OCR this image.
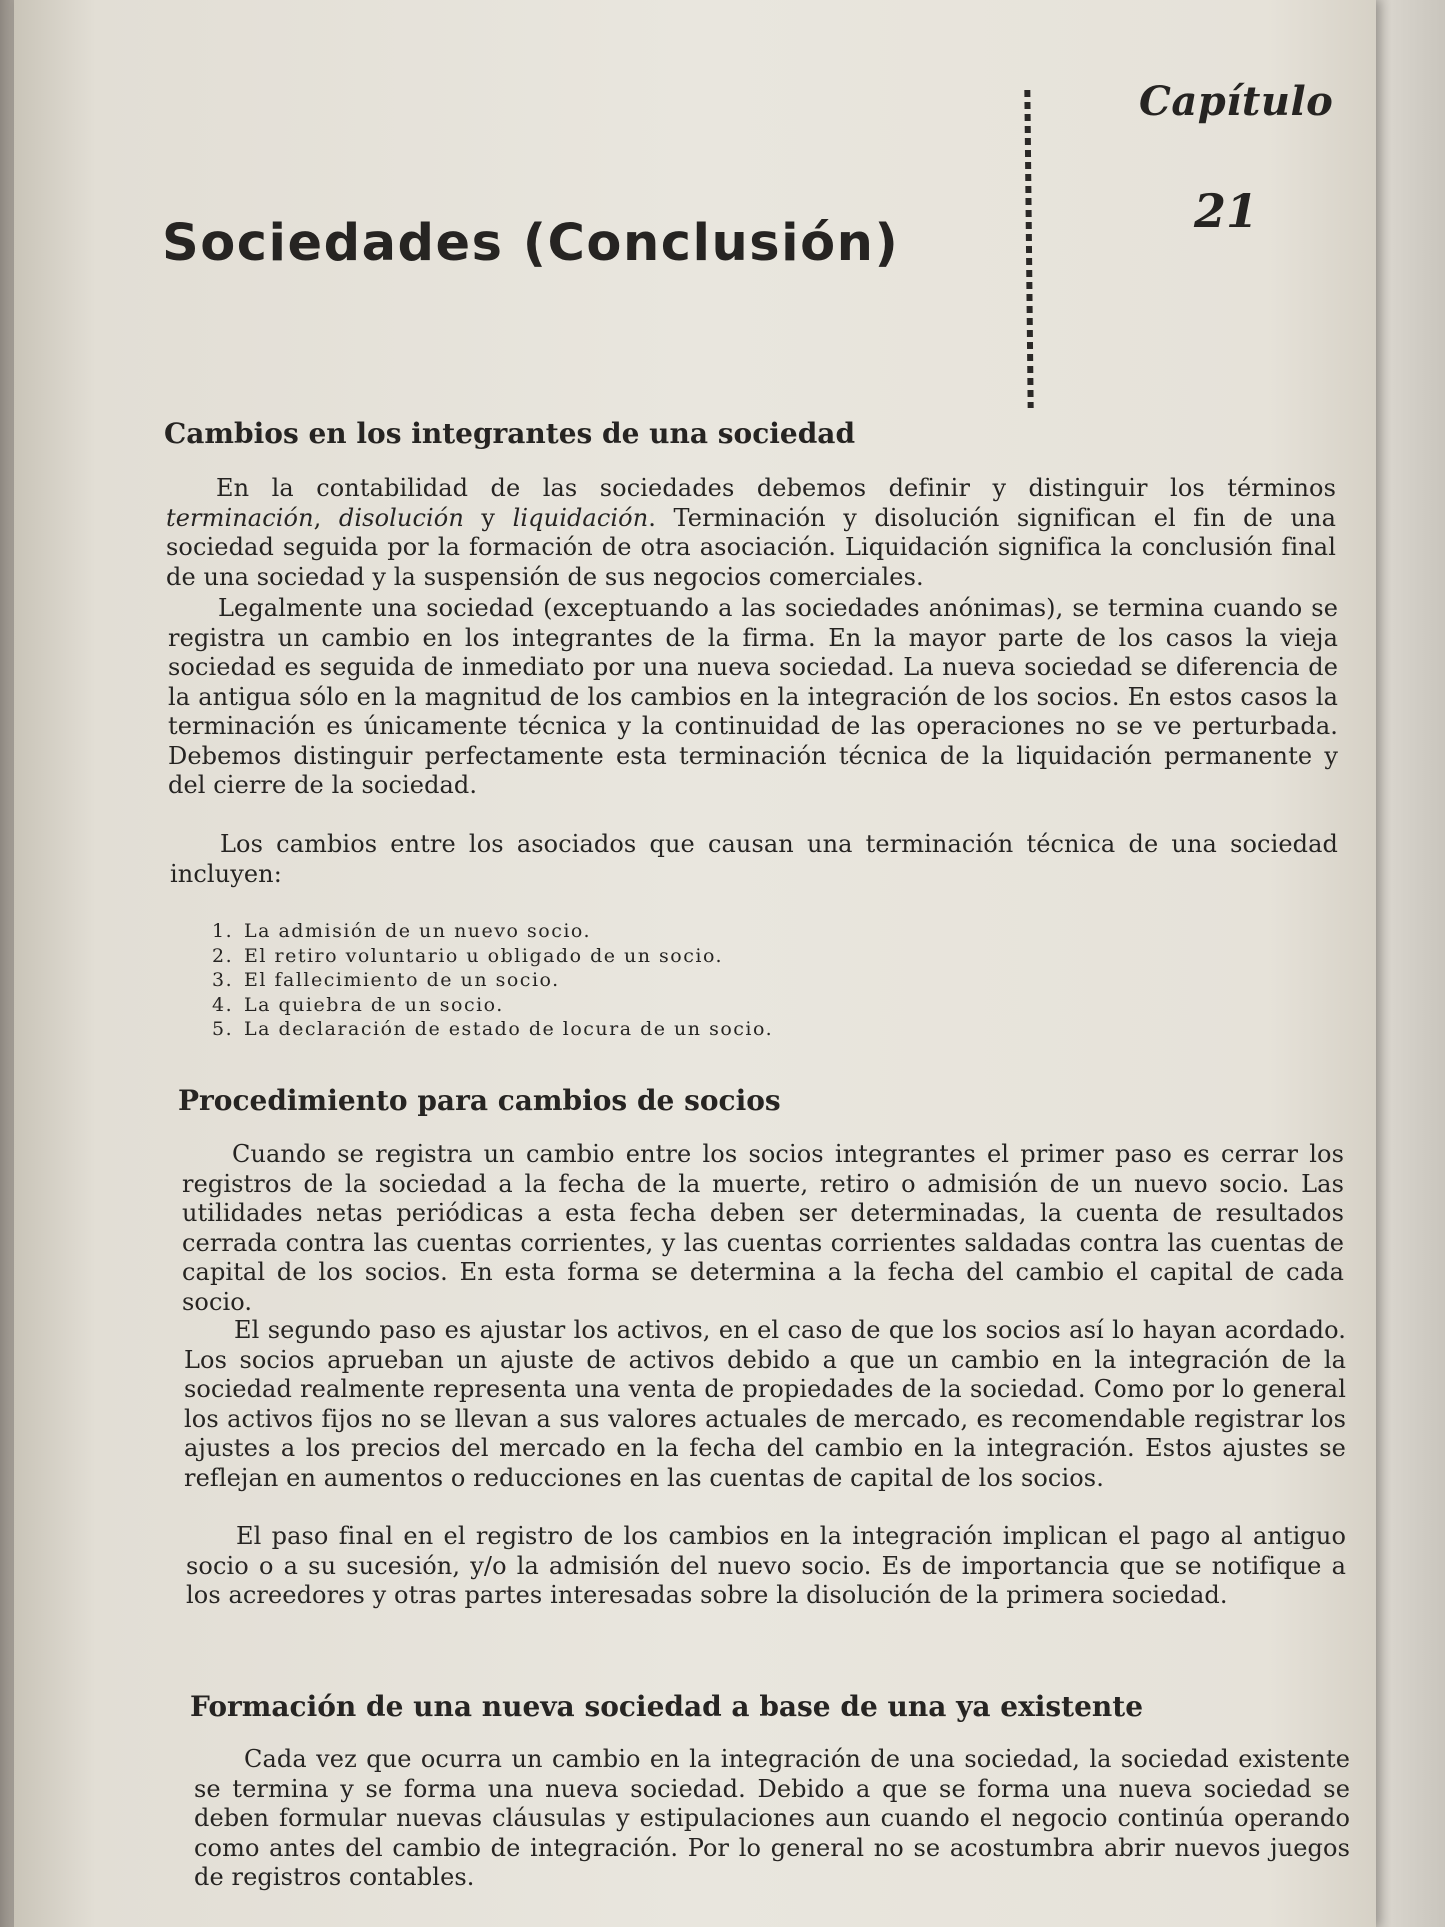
Capítulo
21
Sociedades (Conclusión)
Cambios en los integrantes de una sociedad

En la contabilidad de las sociedades debemos definir y distinguir los términos terminación, disolución y liquidación. Terminación y disolución significan el fin de una sociedad seguida por la formación de otra asociación. Liquidación significa la conclusión final de una sociedad y la suspensión de sus negocios comerciales.

Legalmente una sociedad (exceptuando a las sociedades anónimas), se termina cuando se registra un cambio en los integrantes de la firma. En la mayor parte de los casos la vieja sociedad es seguida de inmediato por una nueva sociedad. La nueva sociedad se diferencia de la antigua sólo en la magnitud de los cambios en la integración de los socios. En estos casos la terminación es únicamente técnica y la continuidad de las operaciones no se ve perturbada. Debemos distinguir perfectamente esta terminación técnica de la liquidación permanente y del cierre de la sociedad.

Los cambios entre los asociados que causan una terminación técnica de una sociedad incluyen:

1. La admisión de un nuevo socio.
2. El retiro voluntario u obligado de un socio.
3. El fallecimiento de un socio.
4. La quiebra de un socio.
5. La declaración de estado de locura de un socio.
Procedimiento para cambios de socios

Cuando se registra un cambio entre los socios integrantes el primer paso es cerrar los registros de la sociedad a la fecha de la muerte, retiro o admisión de un nuevo socio. Las utilidades netas periódicas a esta fecha deben ser determinadas, la cuenta de resultados cerrada contra las cuentas corrientes, y las cuentas corrientes saldadas contra las cuentas de capital de los socios. En esta forma se determina a la fecha del cambio el capital de cada socio.

El segundo paso es ajustar los activos, en el caso de que los socios así lo hayan acordado. Los socios aprueban un ajuste de activos debido a que un cambio en la integración de la sociedad realmente representa una venta de propiedades de la sociedad. Como por lo general los activos fijos no se llevan a sus valores actuales de mercado, es recomendable registrar los ajustes a los precios del mercado en la fecha del cambio en la integración. Estos ajustes se reflejan en aumentos o reducciones en las cuentas de capital de los socios.

El paso final en el registro de los cambios en la integración implican el pago al antiguo socio o a su sucesión, y/o la admisión del nuevo socio. Es de importancia que se notifique a los acreedores y otras partes interesadas sobre la disolución de la primera sociedad.

Formación de una nueva sociedad a base de una ya existente

Cada vez que ocurra un cambio en la integración de una sociedad, la sociedad existente se termina y se forma una nueva sociedad. Debido a que se forma una nueva sociedad se deben formular nuevas cláusulas y estipulaciones aun cuando el negocio continúa operando como antes del cambio de integración. Por lo general no se acostumbra abrir nuevos juegos de registros contables.
